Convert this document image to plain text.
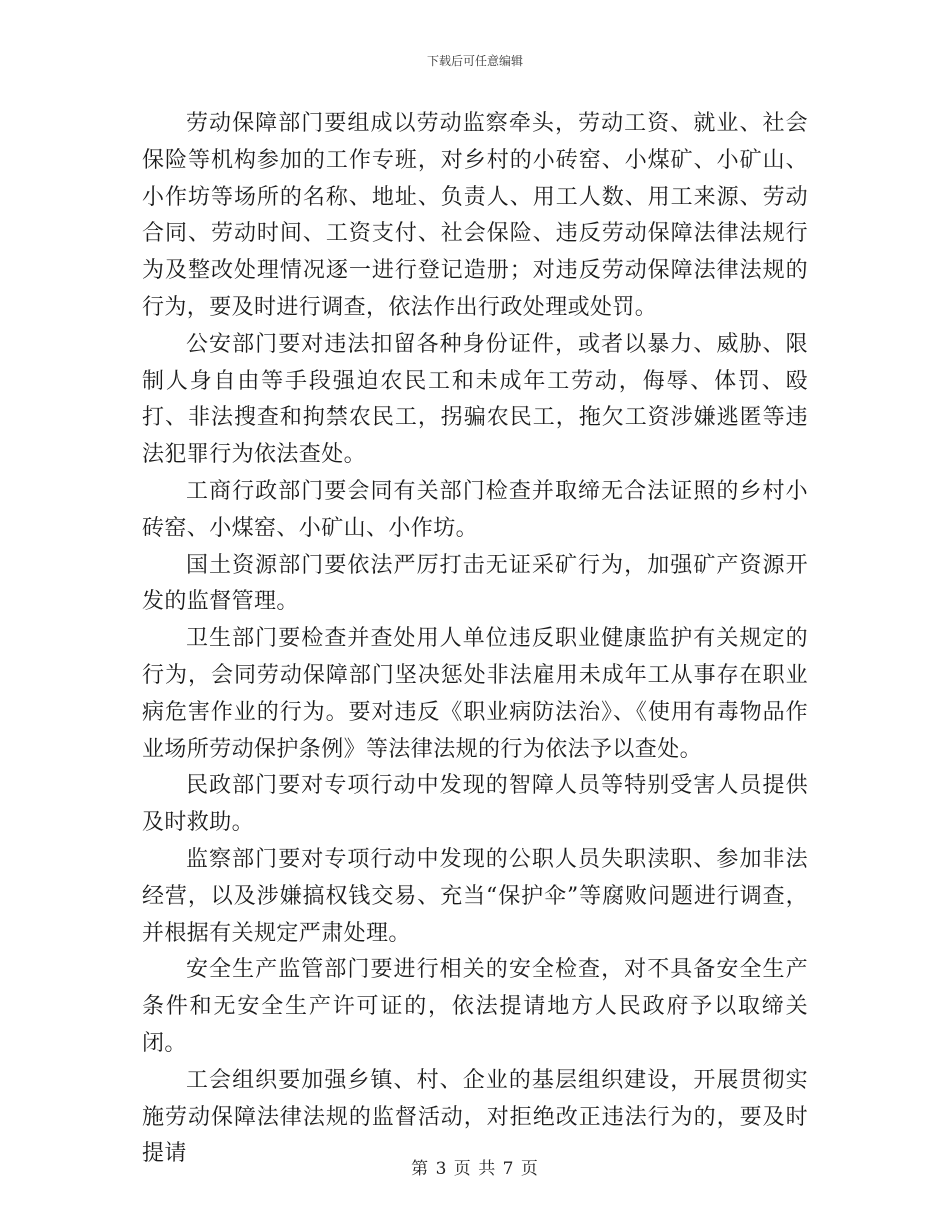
下载后可任意编辑

劳动保障部门要组成以劳动监察牵头，劳动工资、就业、社会保险等机构参加的工作专班，对乡村的小砖窑、小煤矿、小矿山、小作坊等场所的名称、地址、负责人、用工人数、用工来源、劳动合同、劳动时间、工资支付、社会保险、违反劳动保障法律法规行为及整改处理情况逐一进行登记造册；对违反劳动保障法律法规的行为，要及时进行调查，依法作出行政处理或处罚。

公安部门要对违法扣留各种身份证件，或者以暴力、威胁、限制人身自由等手段强迫农民工和未成年工劳动，侮辱、体罚、殴打、非法搜查和拘禁农民工，拐骗农民工，拖欠工资涉嫌逃匿等违法犯罪行为依法查处。

工商行政部门要会同有关部门检查并取缔无合法证照的乡村小砖窑、小煤窑、小矿山、小作坊。

国土资源部门要依法严厉打击无证采矿行为，加强矿产资源开发的监督管理。

卫生部门要检查并查处用人单位违反职业健康监护有关规定的行为，会同劳动保障部门坚决惩处非法雇用未成年工从事存在职业病危害作业的行为。要对违反《职业病防法治》、《使用有毒物品作业场所劳动保护条例》等法律法规的行为依法予以查处。

民政部门要对专项行动中发现的智障人员等特别受害人员提供及时救助。

监察部门要对专项行动中发现的公职人员失职渎职、参加非法经营，以及涉嫌搞权钱交易、充当“保护伞”等腐败问题进行调查，并根据有关规定严肃处理。

安全生产监管部门要进行相关的安全检查，对不具备安全生产条件和无安全生产许可证的，依法提请地方人民政府予以取缔关闭。

工会组织要加强乡镇、村、企业的基层组织建设，开展贯彻实施劳动保障法律法规的监督活动，对拒绝改正违法行为的，要及时提请

第 3 页 共 7 页
